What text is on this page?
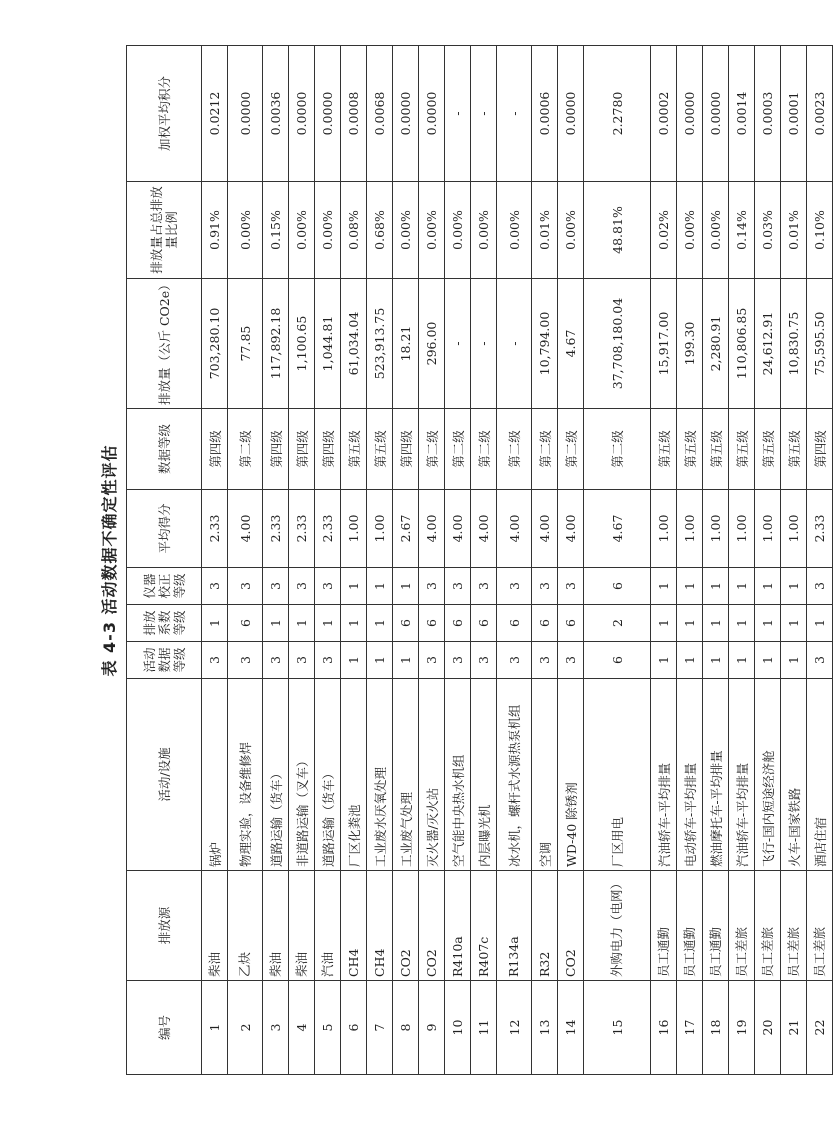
表 4-3 活动数据不确定性评估
编号	排放源	活动/设施	活动数据等级	排放系数等级	仪器校正等级	平均得分	数据等级	排放量（公斤 CO2e）	排放量占总排放量比例	加权平均积分
1	柴油	锅炉	3	1	3	2.33	第四级	703,280.10	0.91%	0.0212
2	乙炔	物理实验，设备维修焊	3	6	3	4.00	第二级	77.85	0.00%	0.0000
3	柴油	道路运输（货车）	3	1	3	2.33	第四级	117,892.18	0.15%	0.0036
4	柴油	非道路运输（叉车）	3	1	3	2.33	第四级	1,100.65	0.00%	0.0000
5	汽油	道路运输（货车）	3	1	3	2.33	第四级	1,044.81	0.00%	0.0000
6	CH4	厂区化粪池	1	1	1	1.00	第五级	61,034.04	0.08%	0.0008
7	CH4	工业废水厌氧处理	1	1	1	1.00	第五级	523,913.75	0.68%	0.0068
8	CO2	工业废气处理	1	6	1	2.67	第四级	18.21	0.00%	0.0000
9	CO2	灭火器/灭火站	3	6	3	4.00	第二级	296.00	0.00%	0.0000
10	R410a	空气能中央热水机组	3	6	3	4.00	第二级	-	0.00%	-
11	R407c	内层曝光机	3	6	3	4.00	第二级	-	0.00%	-
12	R134a	冰水机，螺杆式水源热泵机组	3	6	3	4.00	第二级	-	0.00%	-
13	R32	空调	3	6	3	4.00	第二级	10,794.00	0.01%	0.0006
14	CO2	WD-40 除锈剂	3	6	3	4.00	第二级	4.67	0.00%	0.0000
15	外购电力（电网）	厂区用电	6	2	6	4.67	第二级	37,708,180.04	48.81%	2.2780
16	员工通勤	汽油轿车-平均排量	1	1	1	1.00	第五级	15,917.00	0.02%	0.0002
17	员工通勤	电动轿车-平均排量	1	1	1	1.00	第五级	199.30	0.00%	0.0000
18	员工通勤	燃油摩托车-平均排量	1	1	1	1.00	第五级	2,280.91	0.00%	0.0000
19	员工差旅	汽油轿车-平均排量	1	1	1	1.00	第五级	110,806.85	0.14%	0.0014
20	员工差旅	飞行-国内短途经济舱	1	1	1	1.00	第五级	24,612.91	0.03%	0.0003
21	员工差旅	火车-国家铁路	1	1	1	1.00	第五级	10,830.75	0.01%	0.0001
22	员工差旅	酒店住宿	3	1	3	2.33	第四级	75,595.50	0.10%	0.0023
